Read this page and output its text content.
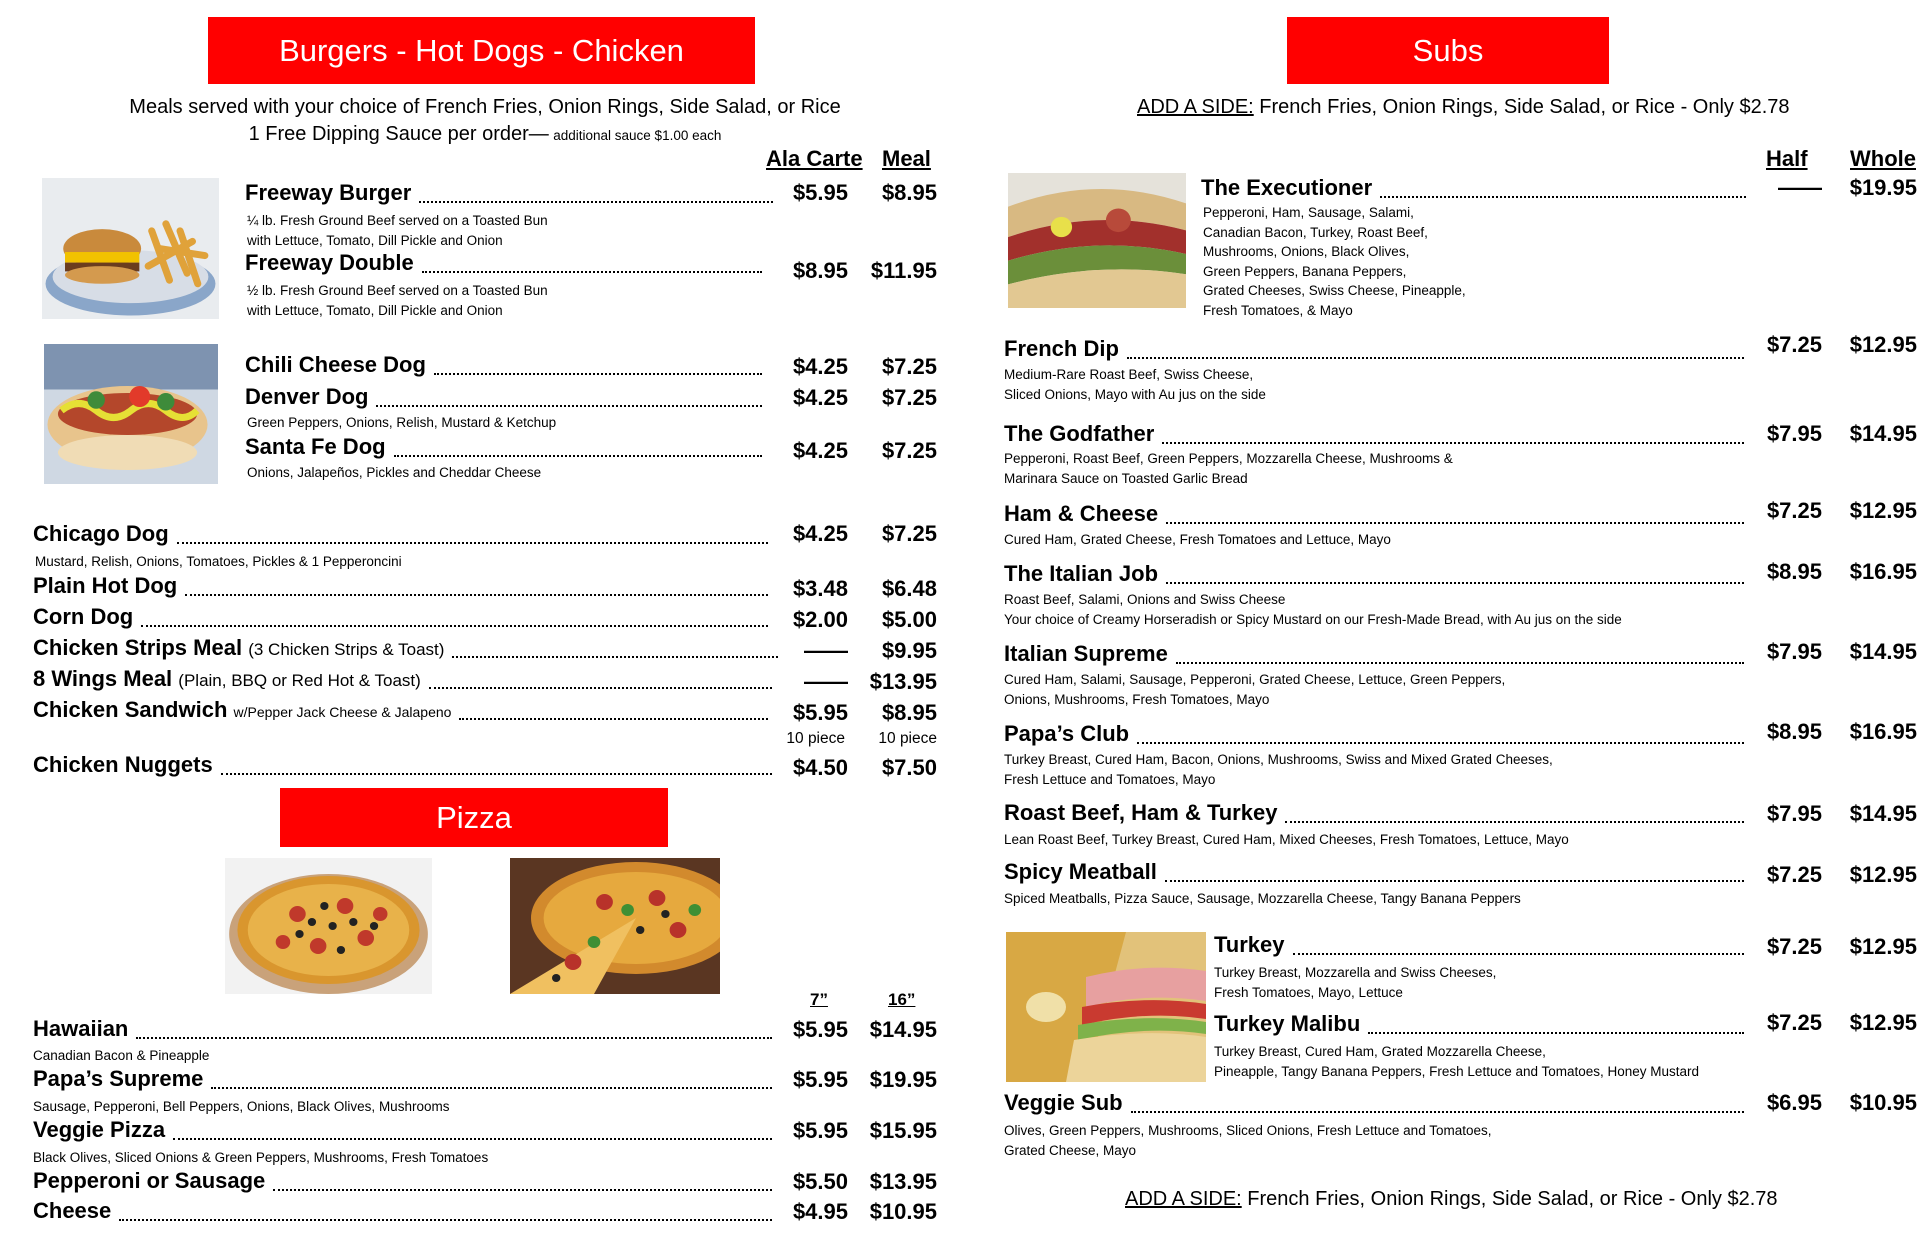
Burgers - Hot Dogs - Chicken
Meals served with your choice of French Fries, Onion Rings, Side Salad, or Rice
1 Free Dipping Sauce per order— additional sauce $1.00 each
Ala Carte Meal
Freeway Burger	$5.95 $8.95
¼ lb. Fresh Ground Beef served on a Toasted Bun
with Lettuce, Tomato, Dill Pickle and Onion
Freeway Double	$8.95 $11.95
½ lb. Fresh Ground Beef served on a Toasted Bun
with Lettuce, Tomato, Dill Pickle and Onion
Chili Cheese Dog	$4.25 $7.25
Denver Dog	$4.25 $7.25
Green Peppers, Onions, Relish, Mustard & Ketchup
Santa Fe Dog	$4.25 $7.25
Onions, Jalapeños, Pickles and Cheddar Cheese
Chicago Dog	$4.25 $7.25
Mustard, Relish, Onions, Tomatoes, Pickles & 1 Pepperoncini
Plain Hot Dog	$3.48 $6.48
Corn Dog	$2.00 $5.00
Chicken Strips Meal (3 Chicken Strips & Toast)	—— $9.95
8 Wings Meal (Plain, BBQ or Red Hot & Toast)	—— $13.95
Chicken Sandwich w/Pepper Jack Cheese & Jalapeno	$5.95 $8.95
Chicken Nuggets	$4.50 $7.50
10 piece 10 piece
Pizza
7”	16”
Hawaiian	$5.95 $14.95
Canadian Bacon & Pineapple
Papa’s Supreme	$5.95 $19.95
Sausage, Pepperoni, Bell Peppers, Onions, Black Olives, Mushrooms
Veggie Pizza	$5.95 $15.95
Black Olives, Sliced Onions & Green Peppers, Mushrooms, Fresh Tomatoes
Pepperoni or Sausage	$5.50 $13.95
Cheese	$4.95 $10.95
Subs
ADD A SIDE: French Fries, Onion Rings, Side Salad, or Rice - Only $2.78
Half Whole
The Executioner	—— $19.95
Pepperoni, Ham, Sausage, Salami,
Canadian Bacon, Turkey, Roast Beef,
Mushrooms, Onions, Black Olives,
Green Peppers, Banana Peppers,
Grated Cheeses, Swiss Cheese, Pineapple,
Fresh Tomatoes, & Mayo
French Dip	$7.25 $12.95
Medium-Rare Roast Beef, Swiss Cheese,
Sliced Onions, Mayo with Au jus on the side
The Godfather	$7.95 $14.95
Pepperoni, Roast Beef, Green Peppers, Mozzarella Cheese, Mushrooms &
Marinara Sauce on Toasted Garlic Bread
Ham & Cheese	$7.25 $12.95
Cured Ham, Grated Cheese, Fresh Tomatoes and Lettuce, Mayo
The Italian Job	$8.95 $16.95
Roast Beef, Salami, Onions and Swiss Cheese
Your choice of Creamy Horseradish or Spicy Mustard on our Fresh-Made Bread, with Au jus on the side
Italian Supreme	$7.95 $14.95
Cured Ham, Salami, Sausage, Pepperoni, Grated Cheese, Lettuce, Green Peppers,
Onions, Mushrooms, Fresh Tomatoes, Mayo
Papa’s Club	$8.95 $16.95
Turkey Breast, Cured Ham, Bacon, Onions, Mushrooms, Swiss and Mixed Grated Cheeses,
Fresh Lettuce and Tomatoes, Mayo
Roast Beef, Ham & Turkey	$7.95 $14.95
Lean Roast Beef, Turkey Breast, Cured Ham, Mixed Cheeses, Fresh Tomatoes, Lettuce, Mayo
Spicy Meatball	$7.25 $12.95
Spiced Meatballs, Pizza Sauce, Sausage, Mozzarella Cheese, Tangy Banana Peppers
Turkey	$7.25 $12.95
Turkey Breast, Mozzarella and Swiss Cheeses,
Fresh Tomatoes, Mayo, Lettuce
Turkey Malibu	$7.25 $12.95
Turkey Breast, Cured Ham, Grated Mozzarella Cheese,
Pineapple, Tangy Banana Peppers, Fresh Lettuce and Tomatoes, Honey Mustard
Veggie Sub	$6.95 $10.95
Olives, Green Peppers, Mushrooms, Sliced Onions, Fresh Lettuce and Tomatoes,
Grated Cheese, Mayo
ADD A SIDE: French Fries, Onion Rings, Side Salad, or Rice - Only $2.78
